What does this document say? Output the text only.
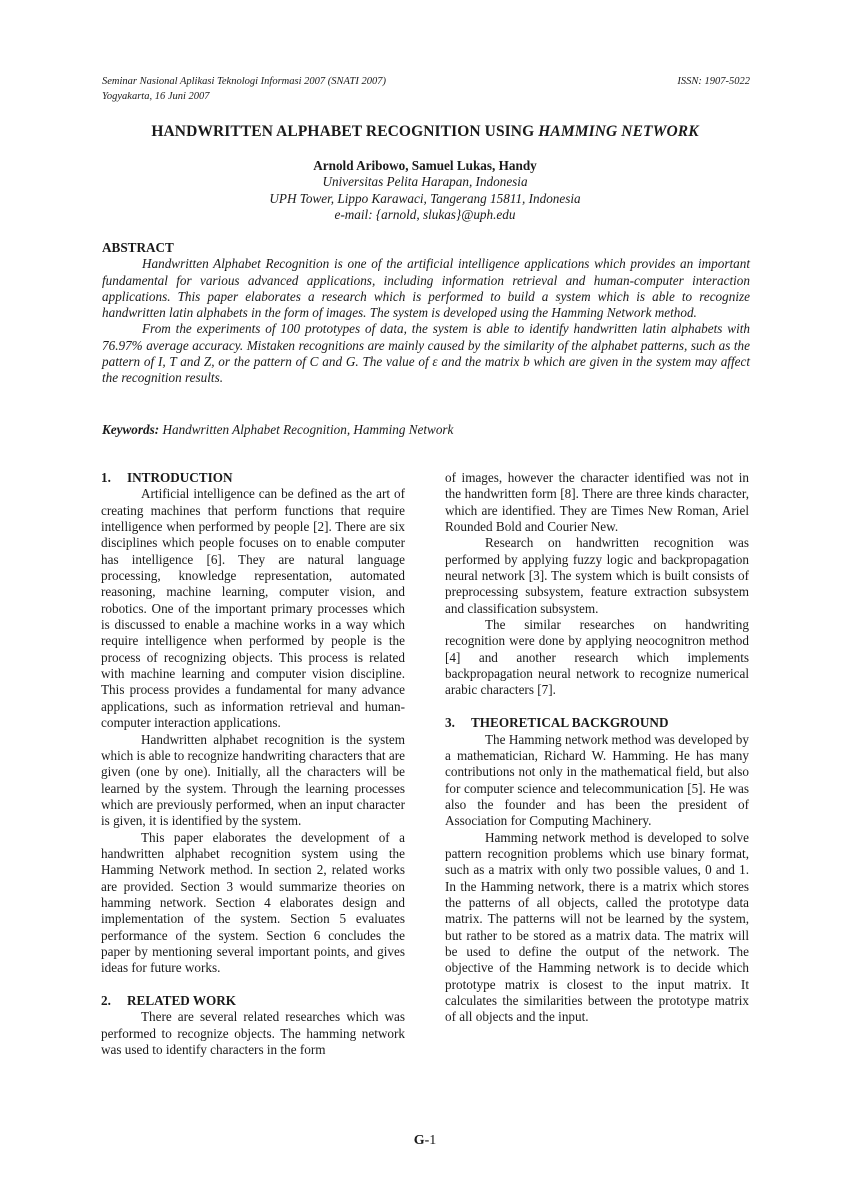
Seminar Nasional Aplikasi Teknologi Informasi 2007 (SNATI 2007)
Yogyakarta, 16 Juni 2007
ISSN: 1907-5022
HANDWRITTEN ALPHABET RECOGNITION USING HAMMING NETWORK
Arnold Aribowo, Samuel Lukas, Handy
Universitas Pelita Harapan, Indonesia
UPH Tower, Lippo Karawaci, Tangerang 15811, Indonesia
e-mail: {arnold, slukas}@uph.edu
ABSTRACT

Handwritten Alphabet Recognition is one of the artificial intelligence applications which provides an important fundamental for various advanced applications, including information retrieval and human-computer interaction applications. This paper elaborates a research which is performed to build a system which is able to recognize handwritten latin alphabets in the form of images. The system is developed using the Hamming Network method.

From the experiments of 100 prototypes of data, the system is able to identify handwritten latin alphabets with 76.97% average accuracy. Mistaken recognitions are mainly caused by the similarity of the alphabet patterns, such as the pattern of I, T and Z, or the pattern of C and G. The value of ε and the matrix b which are given in the system may affect the recognition results.

Keywords: Handwritten Alphabet Recognition, Hamming Network
1. INTRODUCTION

Artificial intelligence can be defined as the art of creating machines that perform functions that require intelligence when performed by people [2]. There are six disciplines which people focuses on to enable computer has intelligence [6]. They are natural language processing, knowledge representation, automated reasoning, machine learning, computer vision, and robotics. One of the important primary processes which is discussed to enable a machine works in a way which require intelligence when performed by people is the process of recognizing objects. This process is related with machine learning and computer vision discipline. This process provides a fundamental for many advance applications, such as information retrieval and human-computer interaction applications.

Handwritten alphabet recognition is the system which is able to recognize handwriting characters that are given (one by one). Initially, all the characters will be learned by the system. Through the learning processes which are previously performed, when an input character is given, it is identified by the system.

This paper elaborates the development of a handwritten alphabet recognition system using the Hamming Network method. In section 2, related works are provided. Section 3 would summarize theories on hamming network. Section 4 elaborates design and implementation of the system. Section 5 evaluates performance of the system. Section 6 concludes the paper by mentioning several important points, and gives ideas for future works.

2. RELATED WORK

There are several related researches which was performed to recognize objects. The hamming network was used to identify characters in the form

of images, however the character identified was not in the handwritten form [8]. There are three kinds character, which are identified. They are Times New Roman, Ariel Rounded Bold and Courier New.

Research on handwritten recognition was performed by applying fuzzy logic and backpropagation neural network [3]. The system which is built consists of preprocessing subsystem, feature extraction subsystem and classification subsystem.

The similar researches on handwriting recognition were done by applying neocognitron method [4] and another research which implements backpropagation neural network to recognize numerical arabic characters [7].

3. THEORETICAL BACKGROUND

The Hamming network method was developed by a mathematician, Richard W. Hamming. He has many contributions not only in the mathematical field, but also for computer science and telecommunication [5]. He was also the founder and has been the president of Association for Computing Machinery.

Hamming network method is developed to solve pattern recognition problems which use binary format, such as a matrix with only two possible values, 0 and 1. In the Hamming network, there is a matrix which stores the patterns of all objects, called the prototype data matrix. The patterns will not be learned by the system, but rather to be stored as a matrix data. The matrix will be used to define the output of the network. The objective of the Hamming network is to decide which prototype matrix is closest to the input matrix. It calculates the similarities between the prototype matrix of all objects and the input.

G-1
